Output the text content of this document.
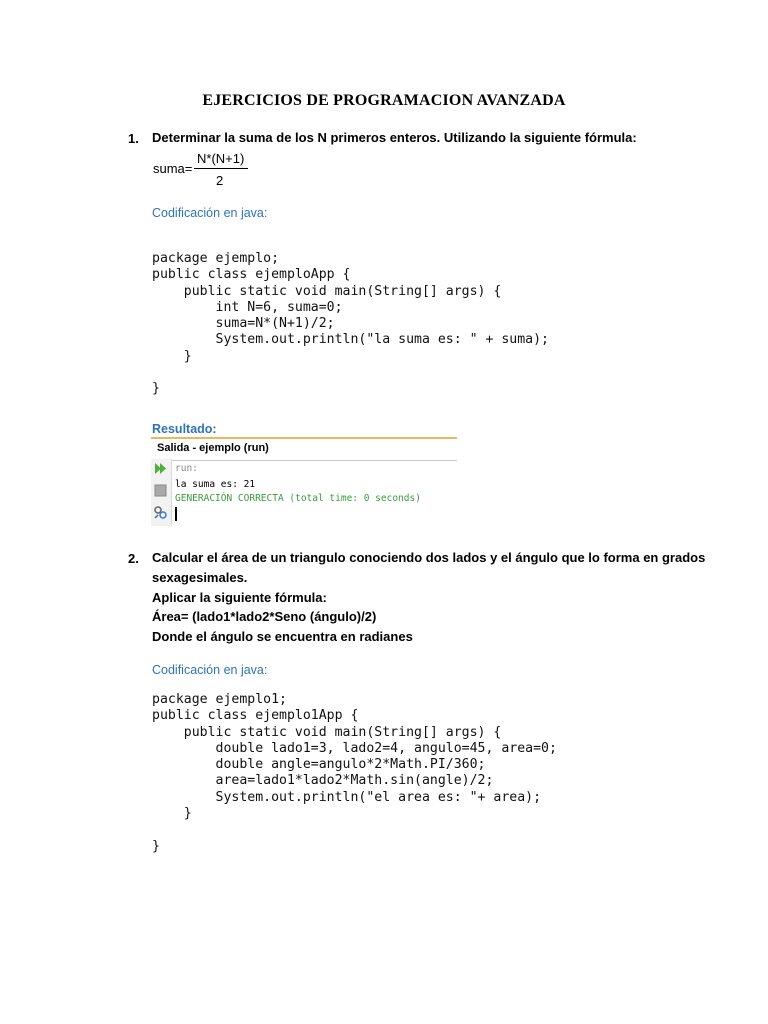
EJERCICIOS DE PROGRAMACION AVANZADA
1. Determinar la suma de los N primeros enteros. Utilizando la siguiente fórmula:
suma=
N*(N+1)
2
Codificación en java:
package ejemplo;
public class ejemploApp {
public static void main(String[] args) {
int N=6, suma=0;
suma=N*(N+1)/2;
System.out.println("la suma es: " + suma);
}

}
Resultado:
Salida - ejemplo (run)
run:
la suma es: 21
GENERACIÓN CORRECTA (total time: 0 seconds)
2. Calcular el área de un triangulo conociendo dos lados y el ángulo que lo forma en grados
sexagesimales.
Aplicar la siguiente fórmula:
Área= (lado1*lado2*Seno (ángulo)/2)
Donde el ángulo se encuentra en radianes
Codificación en java:
package ejemplo1;
public class ejemplo1App {
public static void main(String[] args) {
double lado1=3, lado2=4, angulo=45, area=0;
double angle=angulo*2*Math.PI/360;
area=lado1*lado2*Math.sin(angle)/2;
System.out.println("el area es: "+ area);
}

}
